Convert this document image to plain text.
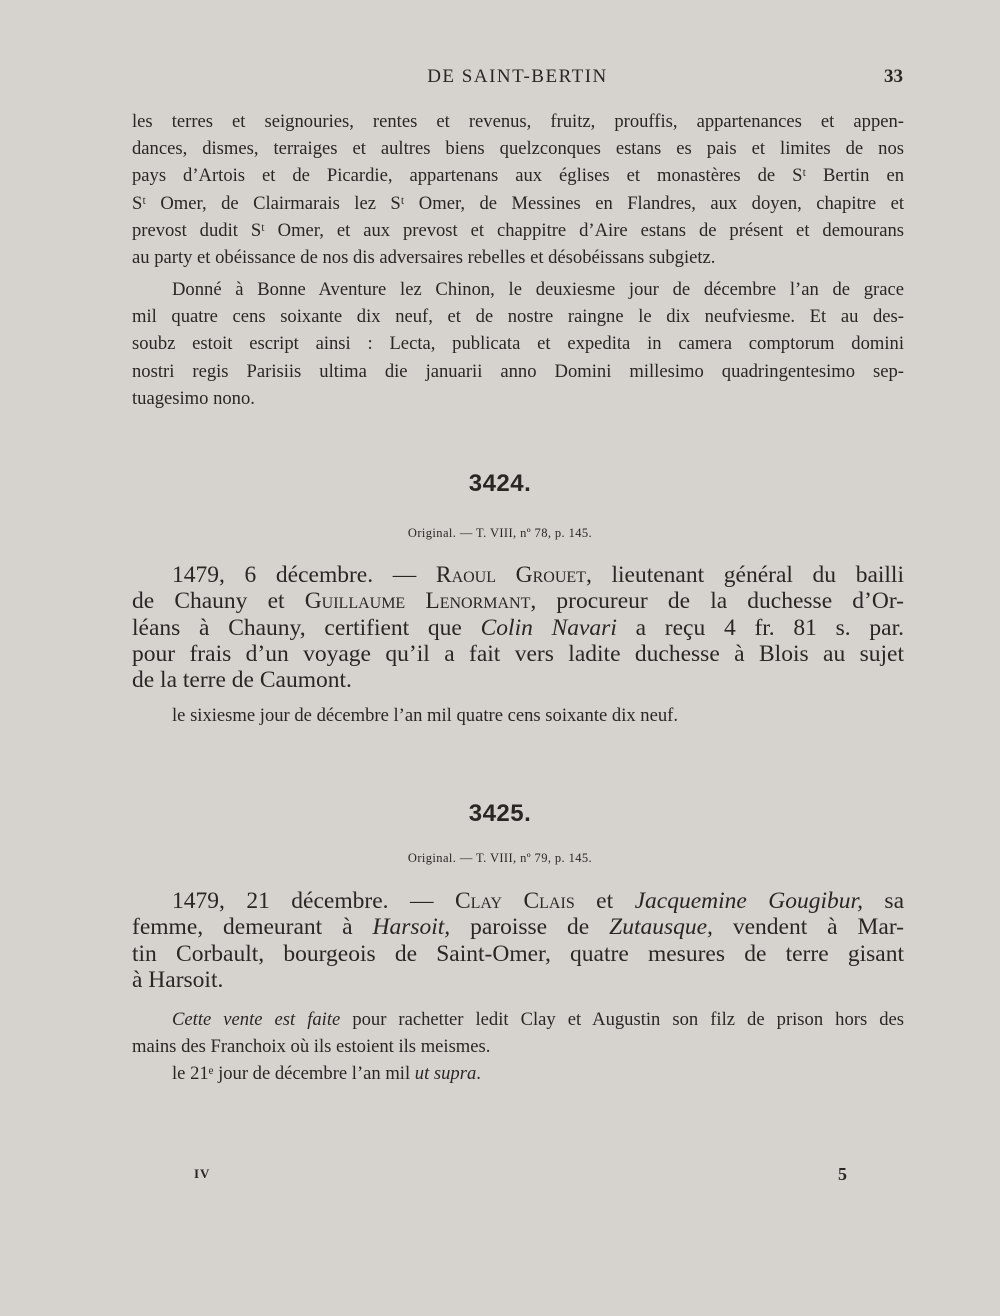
DE SAINT-BERTIN	33

les terres et seignouries, rentes et revenus, fruitz, prouffis, appartenances et appen-

dances, dismes, terraiges et aultres biens quelzconques estans es pais et limites de nos

pays d’Artois et de Picardie, appartenans aux églises et monastères de Sᵗ Bertin en

Sᵗ Omer, de Clairmarais lez Sᵗ Omer, de Messines en Flandres, aux doyen, chapitre et

prevost dudit Sᵗ Omer, et aux prevost et chappitre d’Aire estans de présent et demourans

au party et obéissance de nos dis adversaires rebelles et désobéissans subgietz.

Donné à Bonne Aventure lez Chinon, le deuxiesme jour de décembre l’an de grace

mil quatre cens soixante dix neuf, et de nostre raingne le dix neufviesme. Et au des-

soubz estoit escript ainsi : Lecta, publicata et expedita in camera comptorum domini

nostri regis Parisiis ultima die januarii anno Domini millesimo quadringentesimo sep-

tuagesimo nono.

3424.
Original. — T. VIII, nº 78, p. 145.

1479, 6 décembre. — Raoul Grouet, lieutenant général du bailli

de Chauny et Guillaume Lenormant, procureur de la duchesse d’Or-

léans à Chauny, certifient que Colin Navari a reçu 4 fr. 81 s. par.

pour frais d’un voyage qu’il a fait vers ladite duchesse à Blois au sujet

de la terre de Caumont.

le sixiesme jour de décembre l’an mil quatre cens soixante dix neuf.

3425.
Original. — T. VIII, nº 79, p. 145.

1479, 21 décembre. — Clay Clais et Jacquemine Gougibur, sa

femme, demeurant à Harsoit, paroisse de Zutausque, vendent à Mar-

tin Corbault, bourgeois de Saint-Omer, quatre mesures de terre gisant

à Harsoit.

Cette vente est faite pour rachetter ledit Clay et Augustin son filz de prison hors des

mains des Franchoix où ils estoient ils meismes.

le 21ᵉ jour de décembre l’an mil ut supra.

IV	5
